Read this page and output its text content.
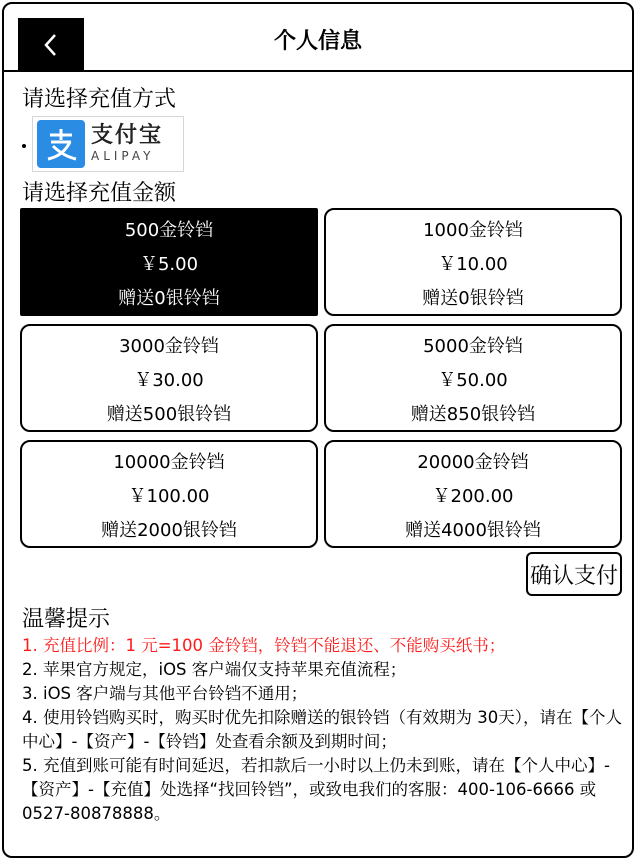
个人信息
请选择充值方式
支付宝
ALIPAY
请选择充值金额
500金铃铛
￥5.00
赠送0银铃铛
1000金铃铛
￥10.00
赠送0银铃铛
3000金铃铛
￥30.00
赠送500银铃铛
5000金铃铛
￥50.00
赠送850银铃铛
10000金铃铛
￥100.00
赠送2000银铃铛
20000金铃铛
￥200.00
赠送4000银铃铛
确认支付
温馨提示

1. 充值比例：1 元=100 金铃铛，铃铛不能退还、不能购买纸书；

2. 苹果官方规定，iOS 客户端仅支持苹果充值流程；

3. iOS 客户端与其他平台铃铛不通用；

4. 使用铃铛购买时，购买时优先扣除赠送的银铃铛（有效期为 30天），请在【个人中心】-【资产】-【铃铛】处查看余额及到期时间；

5. 充值到账可能有时间延迟，若扣款后一小时以上仍未到账，请在【个人中心】-【资产】-【充值】处选择“找回铃铛”，或致电我们的客服：400-106-6666 或 0527-80878888。
